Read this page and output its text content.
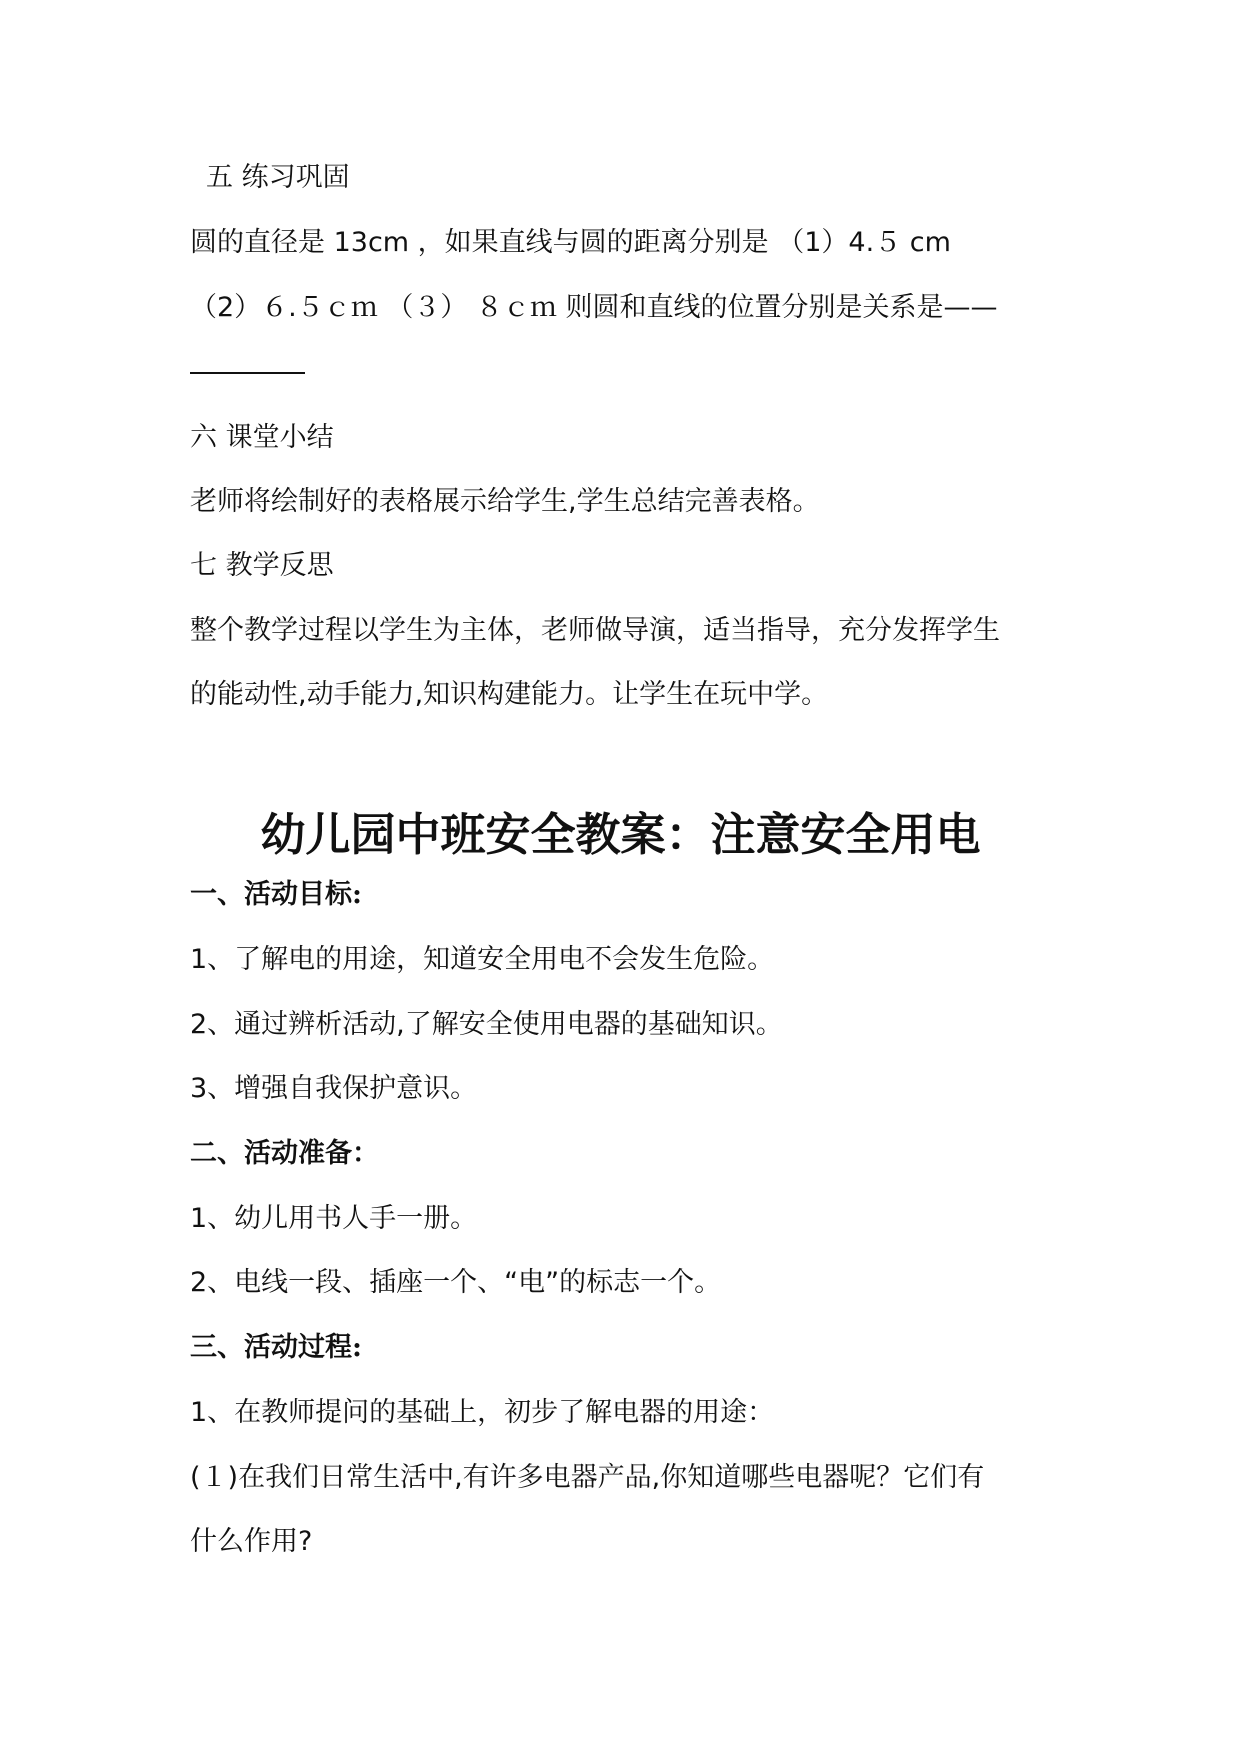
五 练习巩固
圆的直径是 13cm ，如果直线与圆的距离分别是 （1）4.５ cm
（2）６.５ｃｍ （３） ８ｃｍ 则圆和直线的位置分别是关系是——
六 课堂小结
老师将绘制好的表格展示给学生,学生总结完善表格。
七 教学反思
整个教学过程以学生为主体，老师做导演，适当指导，充分发挥学生
的能动性,动手能力,知识构建能力。让学生在玩中学。
幼儿园中班安全教案：注意安全用电
一、活动目标:
1、了解电的用途，知道安全用电不会发生危险。
2、通过辨析活动,了解安全使用电器的基础知识。
3、增强自我保护意识。
二、活动准备：
1、幼儿用书人手一册。
2、电线一段、插座一个、“电”的标志一个。
三、活动过程:
1、在教师提问的基础上，初步了解电器的用途：
(１)在我们日常生活中,有许多电器产品,你知道哪些电器呢？它们有
什么作用?
